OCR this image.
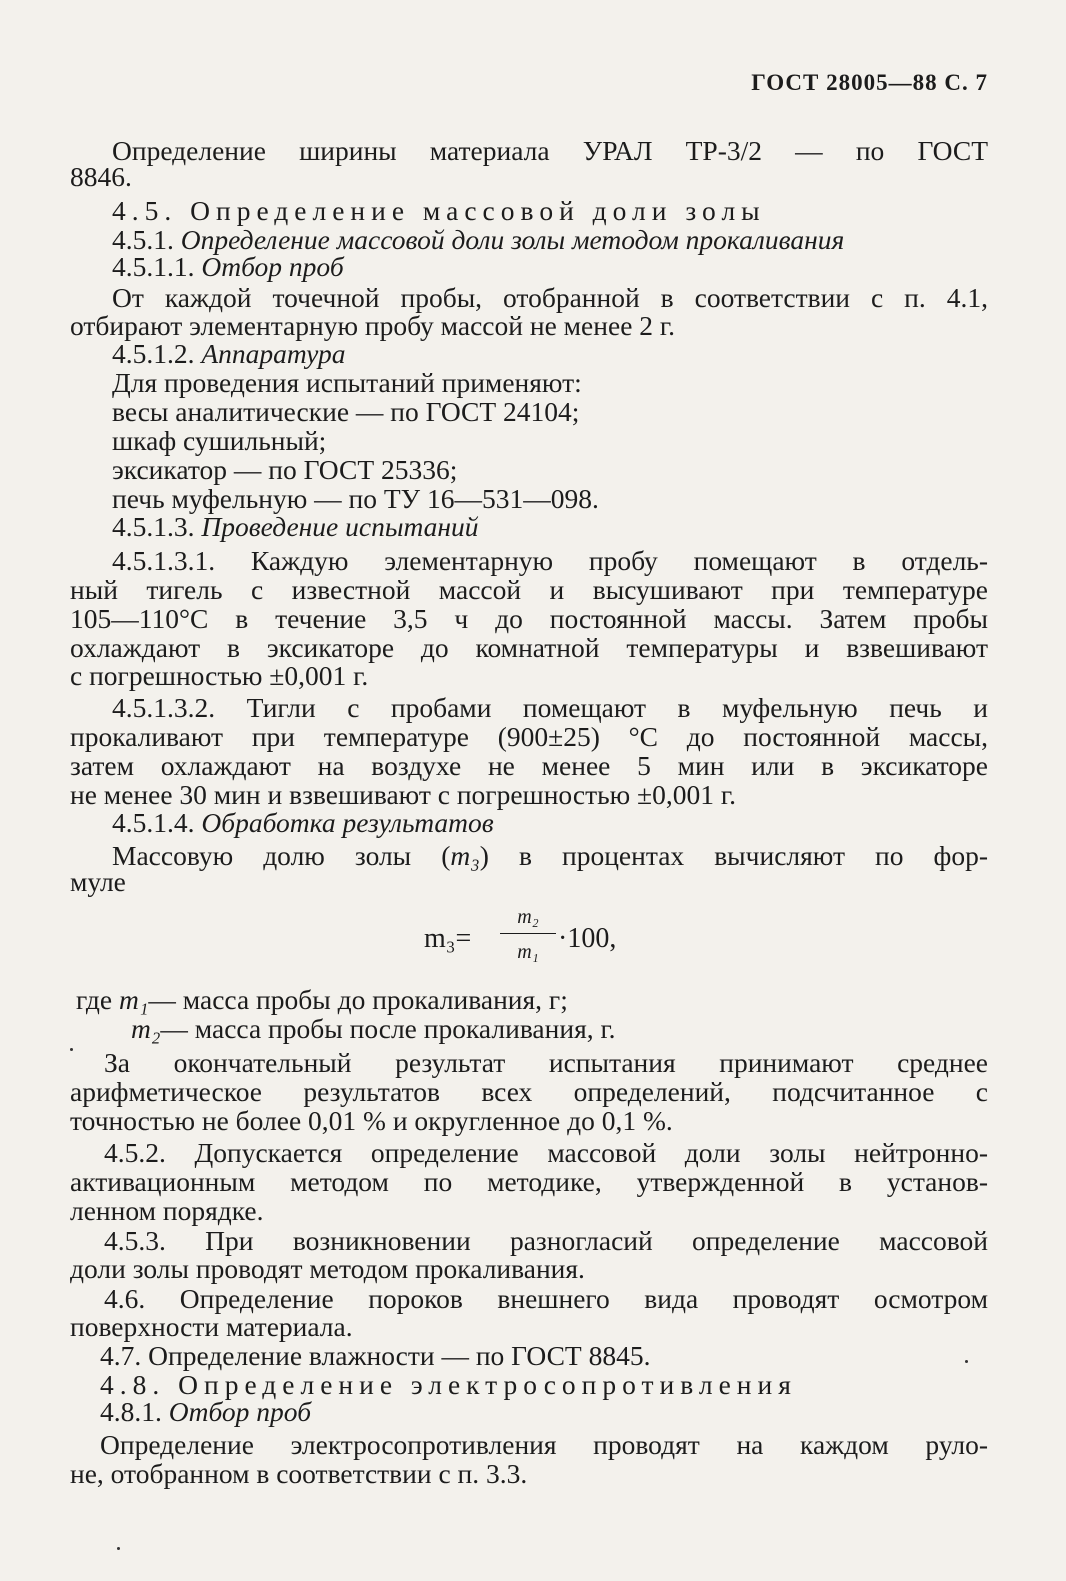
ГОСТ 28005—88 С. 7
Определение ширины материала УРАЛ ТР-3/2 — по ГОСТ
8846.
4.5. Определение массовой доли золы
4.5.1. Определение массовой доли золы методом прокаливания
4.5.1.1. Отбор проб
От каждой точечной пробы, отобранной в соответствии с п. 4.1,
отбирают элементарную пробу массой не менее 2 г.
4.5.1.2. Аппаратура
Для проведения испытаний применяют:
весы аналитические — по ГОСТ 24104;
шкаф сушильный;
эксикатор — по ГОСТ 25336;
печь муфельную — по ТУ 16—531—098.
4.5.1.3. Проведение испытаний
4.5.1.3.1. Каждую элементарную пробу помещают в отдель-
ный тигель с известной массой и высушивают при температуре
105—110°С в течение 3,5 ч до постоянной массы. Затем пробы
охлаждают в эксикаторе до комнатной температуры и взвешивают
с погрешностью ±0,001 г.
4.5.1.3.2. Тигли с пробами помещают в муфельную печь и
прокаливают при температуре (900±25) °С до постоянной массы,
затем охлаждают на воздухе не менее 5 мин или в эксикаторе
не менее 30 мин и взвешивают с погрешностью ±0,001 г.
4.5.1.4. Обработка результатов
Массовую долю золы (m₃) в процентах вычисляют по фор-
муле
m₃=
m₂
m₁ ·100,
где m₁— масса пробы до прокаливания, г;
m₂— масса пробы после прокаливания, г.
За окончательный результат испытания принимают среднее
арифметическое результатов всех определений, подсчитанное с
точностью не более 0,01 % и округленное до 0,1 %.
4.5.2. Допускается определение массовой доли золы нейтронно-
активационным методом по методике, утвержденной в установ-
ленном порядке.
4.5.3. При возникновении разногласий определение массовой
доли золы проводят методом прокаливания.
4.6. Определение пороков внешнего вида проводят осмотром
поверхности материала.
4.7. Определение влажности — по ГОСТ 8845.
4.8. Определение электросопротивления
4.8.1. Отбор проб
Определение электросопротивления проводят на каждом руло-
не, отобранном в соответствии с п. 3.3.
